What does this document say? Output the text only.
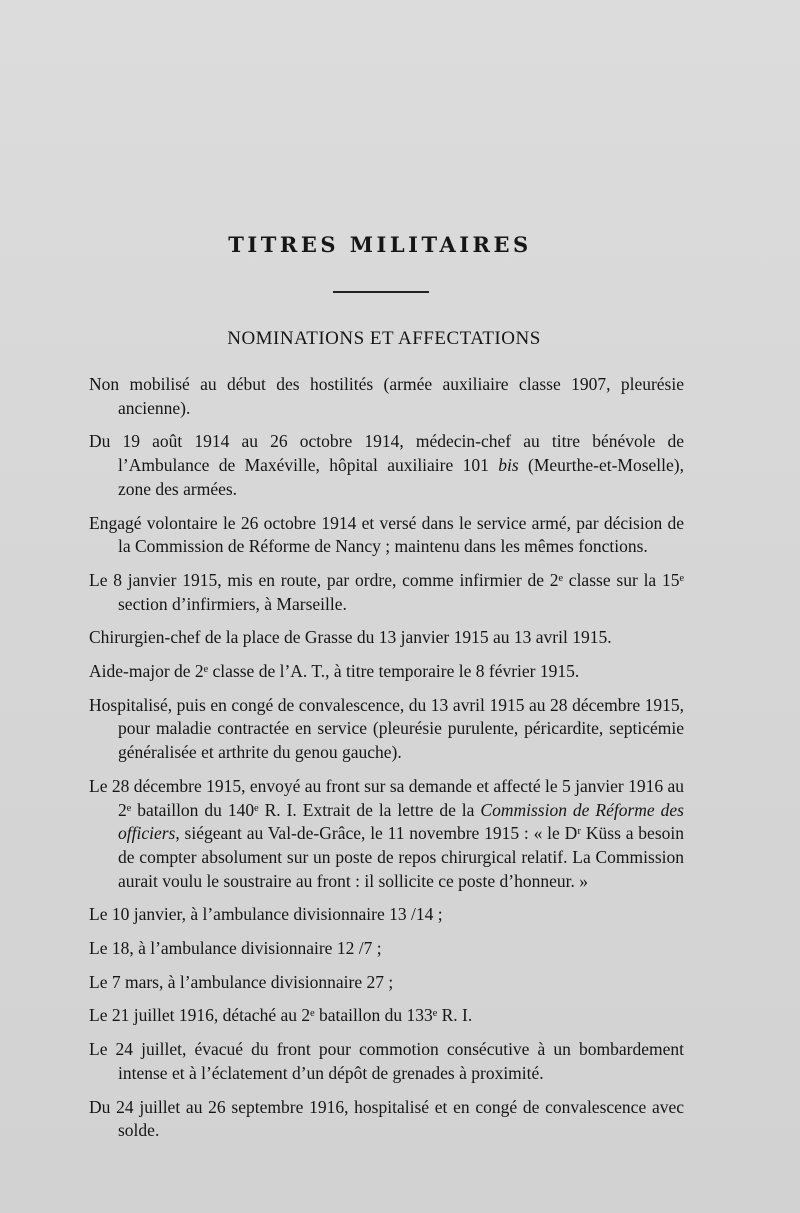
TITRES MILITAIRES
NOMINATIONS ET AFFECTATIONS

Non mobilisé au début des hostilités (armée auxiliaire classe 1907, pleurésie ancienne).

Du 19 août 1914 au 26 octobre 1914, médecin-chef au titre bénévole de l’Ambulance de Maxéville, hôpital auxiliaire 101 bis (Meurthe-et-Moselle), zone des armées.

Engagé volontaire le 26 octobre 1914 et versé dans le service armé, par décision de la Commission de Réforme de Nancy ; maintenu dans les mêmes fonctions.

Le 8 janvier 1915, mis en route, par ordre, comme infirmier de 2ᵉ classe sur la 15ᵉ section d’infirmiers, à Marseille.

Chirurgien-chef de la place de Grasse du 13 janvier 1915 au 13 avril 1915.

Aide-major de 2ᵉ classe de l’A. T., à titre temporaire le 8 février 1915.

Hospitalisé, puis en congé de convalescence, du 13 avril 1915 au 28 décembre 1915, pour maladie contractée en service (pleurésie purulente, péricardite, septicémie généralisée et arthrite du genou gauche).

Le 28 décembre 1915, envoyé au front sur sa demande et affecté le 5 janvier 1916 au 2ᵉ bataillon du 140ᵉ R. I. Extrait de la lettre de la Commission de Réforme des officiers, siégeant au Val-de-Grâce, le 11 novembre 1915 : « le Dʳ Küss a besoin de compter absolument sur un poste de repos chirurgical relatif. La Commission aurait voulu le soustraire au front : il sollicite ce poste d’honneur. »

Le 10 janvier, à l’ambulance divisionnaire 13 /14 ;

Le 18, à l’ambulance divisionnaire 12 /7 ;

Le 7 mars, à l’ambulance divisionnaire 27 ;

Le 21 juillet 1916, détaché au 2ᵉ bataillon du 133ᵉ R. I.

Le 24 juillet, évacué du front pour commotion consécutive à un bombardement intense et à l’éclatement d’un dépôt de grenades à proximité.

Du 24 juillet au 26 septembre 1916, hospitalisé et en congé de convalescence avec solde.
